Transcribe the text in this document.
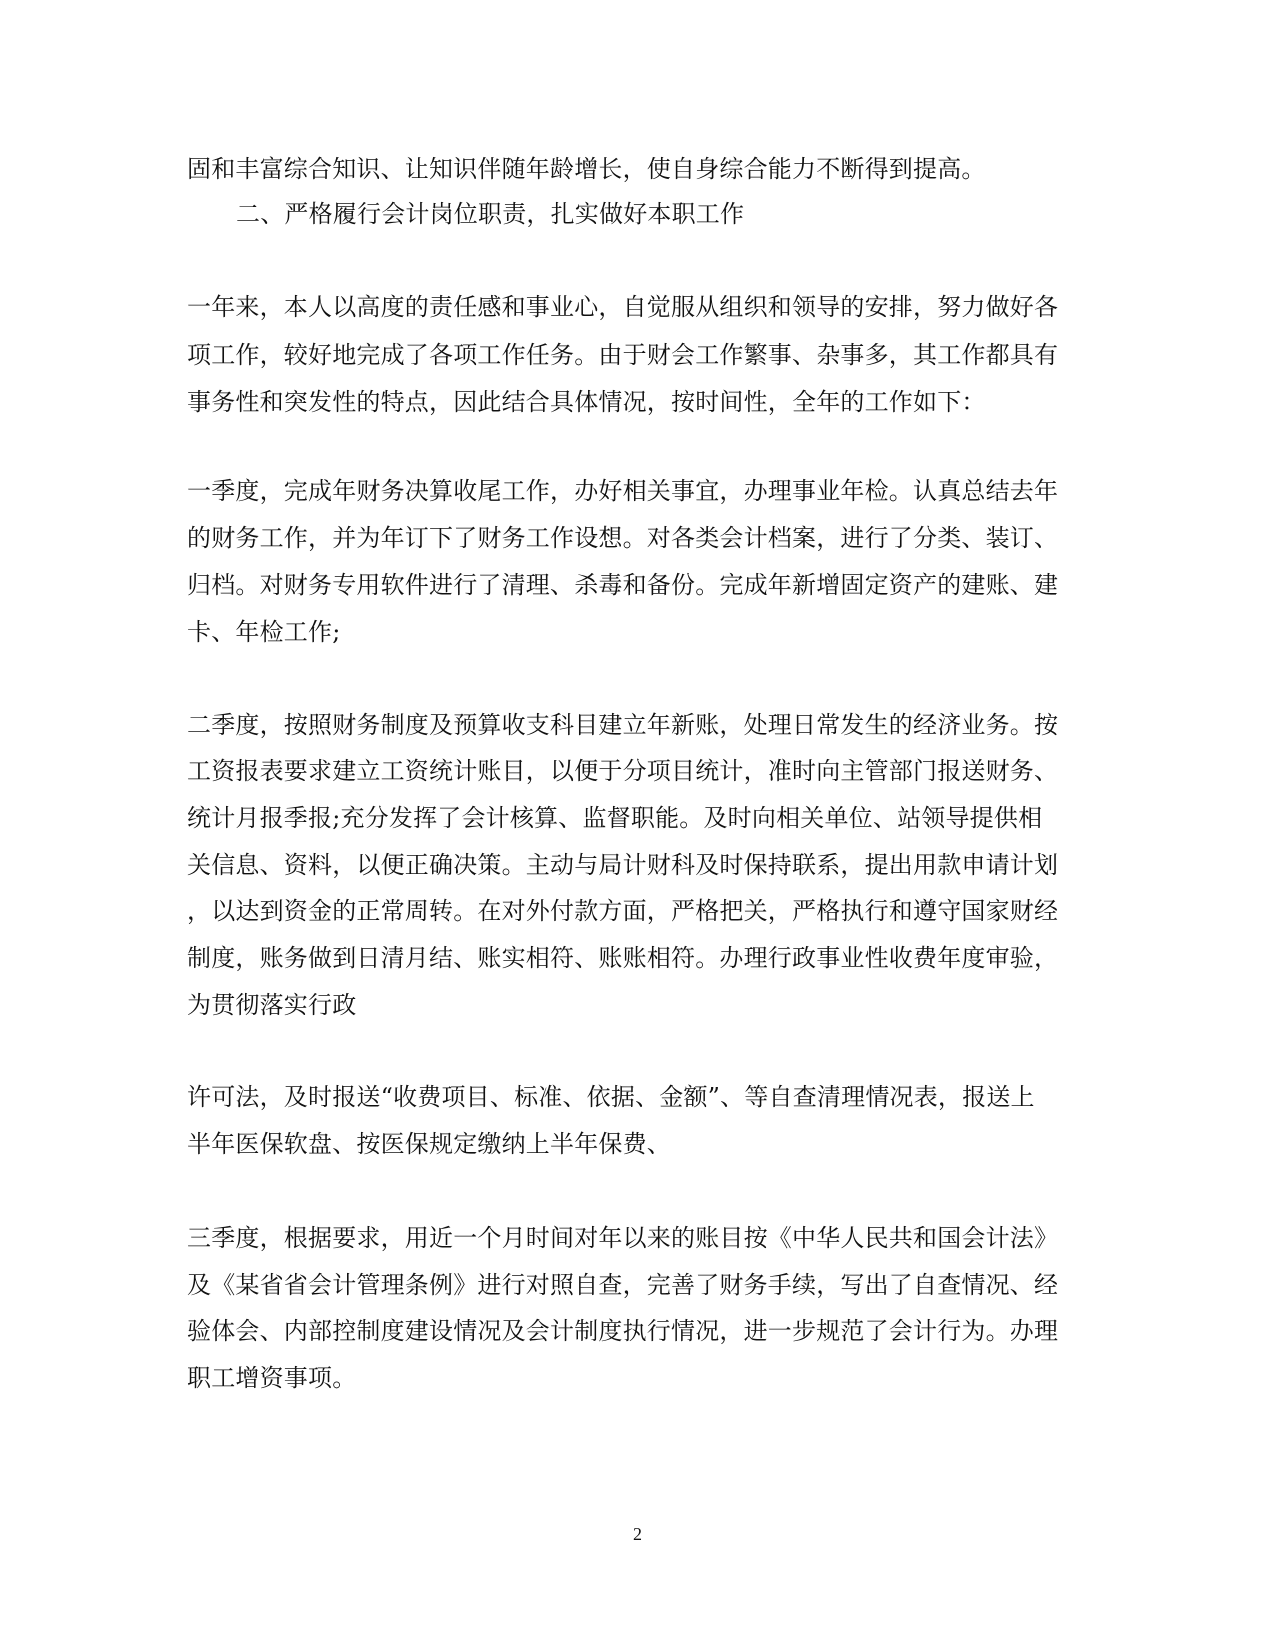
固和丰富综合知识、让知识伴随年龄增长，使自身综合能力不断得到提高。

二、严格履行会计岗位职责，扎实做好本职工作

一年来，本人以高度的责任感和事业心，自觉服从组织和领导的安排，努力做好各

项工作，较好地完成了各项工作任务。由于财会工作繁事、杂事多，其工作都具有

事务性和突发性的特点，因此结合具体情况，按时间性，全年的工作如下：

一季度，完成年财务决算收尾工作，办好相关事宜，办理事业年检。认真总结去年

的财务工作，并为年订下了财务工作设想。对各类会计档案，进行了分类、装订、

归档。对财务专用软件进行了清理、杀毒和备份。完成年新增固定资产的建账、建

卡、年检工作;

二季度，按照财务制度及预算收支科目建立年新账，处理日常发生的经济业务。按

工资报表要求建立工资统计账目，以便于分项目统计，准时向主管部门报送财务、

统计月报季报;充分发挥了会计核算、监督职能。及时向相关单位、站领导提供相

关信息、资料，以便正确决策。主动与局计财科及时保持联系，提出用款申请计划

，以达到资金的正常周转。在对外付款方面，严格把关，严格执行和遵守国家财经

制度，账务做到日清月结、账实相符、账账相符。办理行政事业性收费年度审验，

为贯彻落实行政

许可法，及时报送“收费项目、标准、依据、金额”、等自查清理情况表，报送上

半年医保软盘、按医保规定缴纳上半年保费、

三季度，根据要求，用近一个月时间对年以来的账目按《中华人民共和国会计法》

及《某省省会计管理条例》进行对照自查，完善了财务手续，写出了自查情况、经

验体会、内部控制度建设情况及会计制度执行情况，进一步规范了会计行为。办理

职工增资事项。

2
